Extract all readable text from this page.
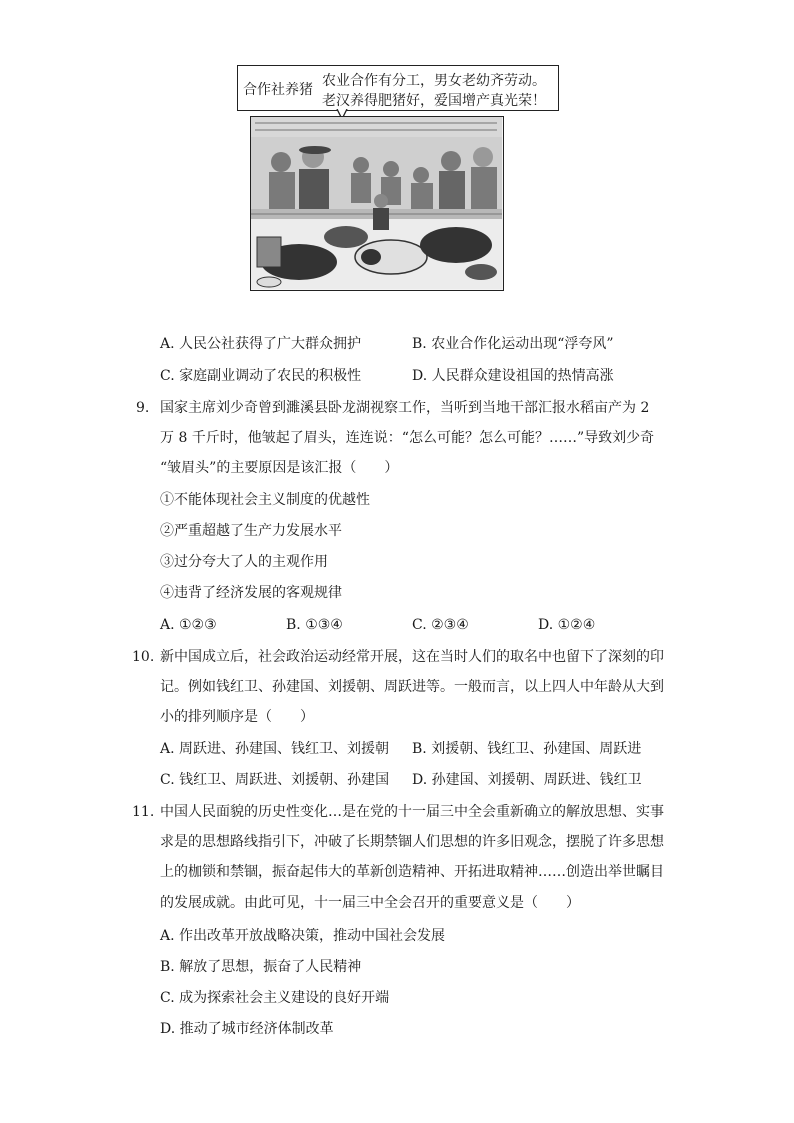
合作社养猪
农业合作有分工，男女老幼齐劳动。
老汉养得肥猪好，爱国增产真光荣！
A. 人民公社获得了广大群众拥护	B. 农业合作化运动出现“浮夸风”
C. 家庭副业调动了农民的积极性	D. 人民群众建设祖国的热情高涨
9. 国家主席刘少奇曾到濉溪县卧龙湖视察工作，当听到当地干部汇报水稻亩产为 2
万 8 千斤时，他皱起了眉头，连连说：“怎么可能？怎么可能？……”导致刘少奇
“皱眉头”的主要原因是该汇报（　　）
①不能体现社会主义制度的优越性
②严重超越了生产力发展水平
③过分夸大了人的主观作用
④违背了经济发展的客观规律
A. ①②③	B. ①③④	C. ②③④	D. ①②④
10. 新中国成立后，社会政治运动经常开展，这在当时人们的取名中也留下了深刻的印
记。例如钱红卫、孙建国、刘援朝、周跃进等。一般而言，以上四人中年龄从大到
小的排列顺序是（　　）
A. 周跃进、孙建国、钱红卫、刘援朝 B. 刘援朝、钱红卫、孙建国、周跃进
C. 钱红卫、周跃进、刘援朝、孙建国 D. 孙建国、刘援朝、周跃进、钱红卫
11. 中国人民面貌的历史性变化…是在党的十一届三中全会重新确立的解放思想、实事
求是的思想路线指引下，冲破了长期禁锢人们思想的许多旧观念，摆脱了许多思想
上的枷锁和禁锢，振奋起伟大的革新创造精神、开拓进取精神……创造出举世瞩目
的发展成就。由此可见，十一届三中全会召开的重要意义是（　　）
A. 作出改革开放战略决策，推动中国社会发展
B. 解放了思想，振奋了人民精神
C. 成为探索社会主义建设的良好开端
D. 推动了城市经济体制改革
